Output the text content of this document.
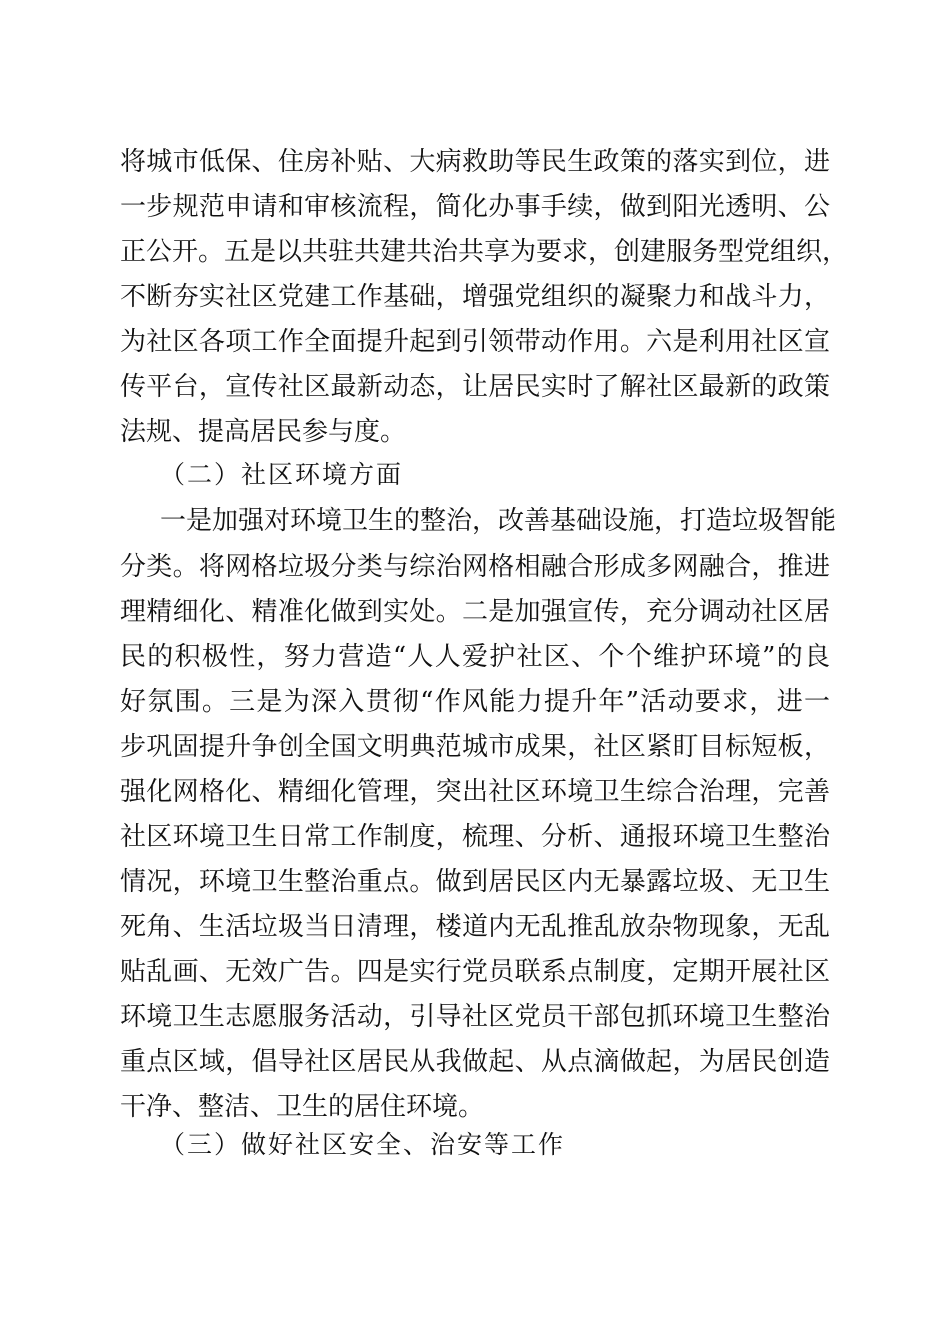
将城市低保、住房补贴、大病救助等民生政策的落实到位，进
一步规范申请和审核流程，简化办事手续，做到阳光透明、公
正公开。五是以共驻共建共治共享为要求，创建服务型党组织，
不断夯实社区党建工作基础，增强党组织的凝聚力和战斗力，
为社区各项工作全面提升起到引领带动作用。六是利用社区宣
传平台，宣传社区最新动态，让居民实时了解社区最新的政策
法规、提高居民参与度。
（二）社区环境方面
一是加强对环境卫生的整治，改善基础设施，打造垃圾智能
分类。将网格垃圾分类与综治网格相融合形成多网融合，推进
理精细化、精准化做到实处。二是加强宣传，充分调动社区居
民的积极性，努力营造“人人爱护社区、个个维护环境”的良
好氛围。三是为深入贯彻“作风能力提升年”活动要求，进一
步巩固提升争创全国文明典范城市成果，社区紧盯目标短板，
强化网格化、精细化管理，突出社区环境卫生综合治理，完善
社区环境卫生日常工作制度，梳理、分析、通报环境卫生整治
情况，环境卫生整治重点。做到居民区内无暴露垃圾、无卫生
死角、生活垃圾当日清理，楼道内无乱推乱放杂物现象，无乱
贴乱画、无效广告。四是实行党员联系点制度，定期开展社区
环境卫生志愿服务活动，引导社区党员干部包抓环境卫生整治
重点区域，倡导社区居民从我做起、从点滴做起，为居民创造
干净、整洁、卫生的居住环境。
（三）做好社区安全、治安等工作
